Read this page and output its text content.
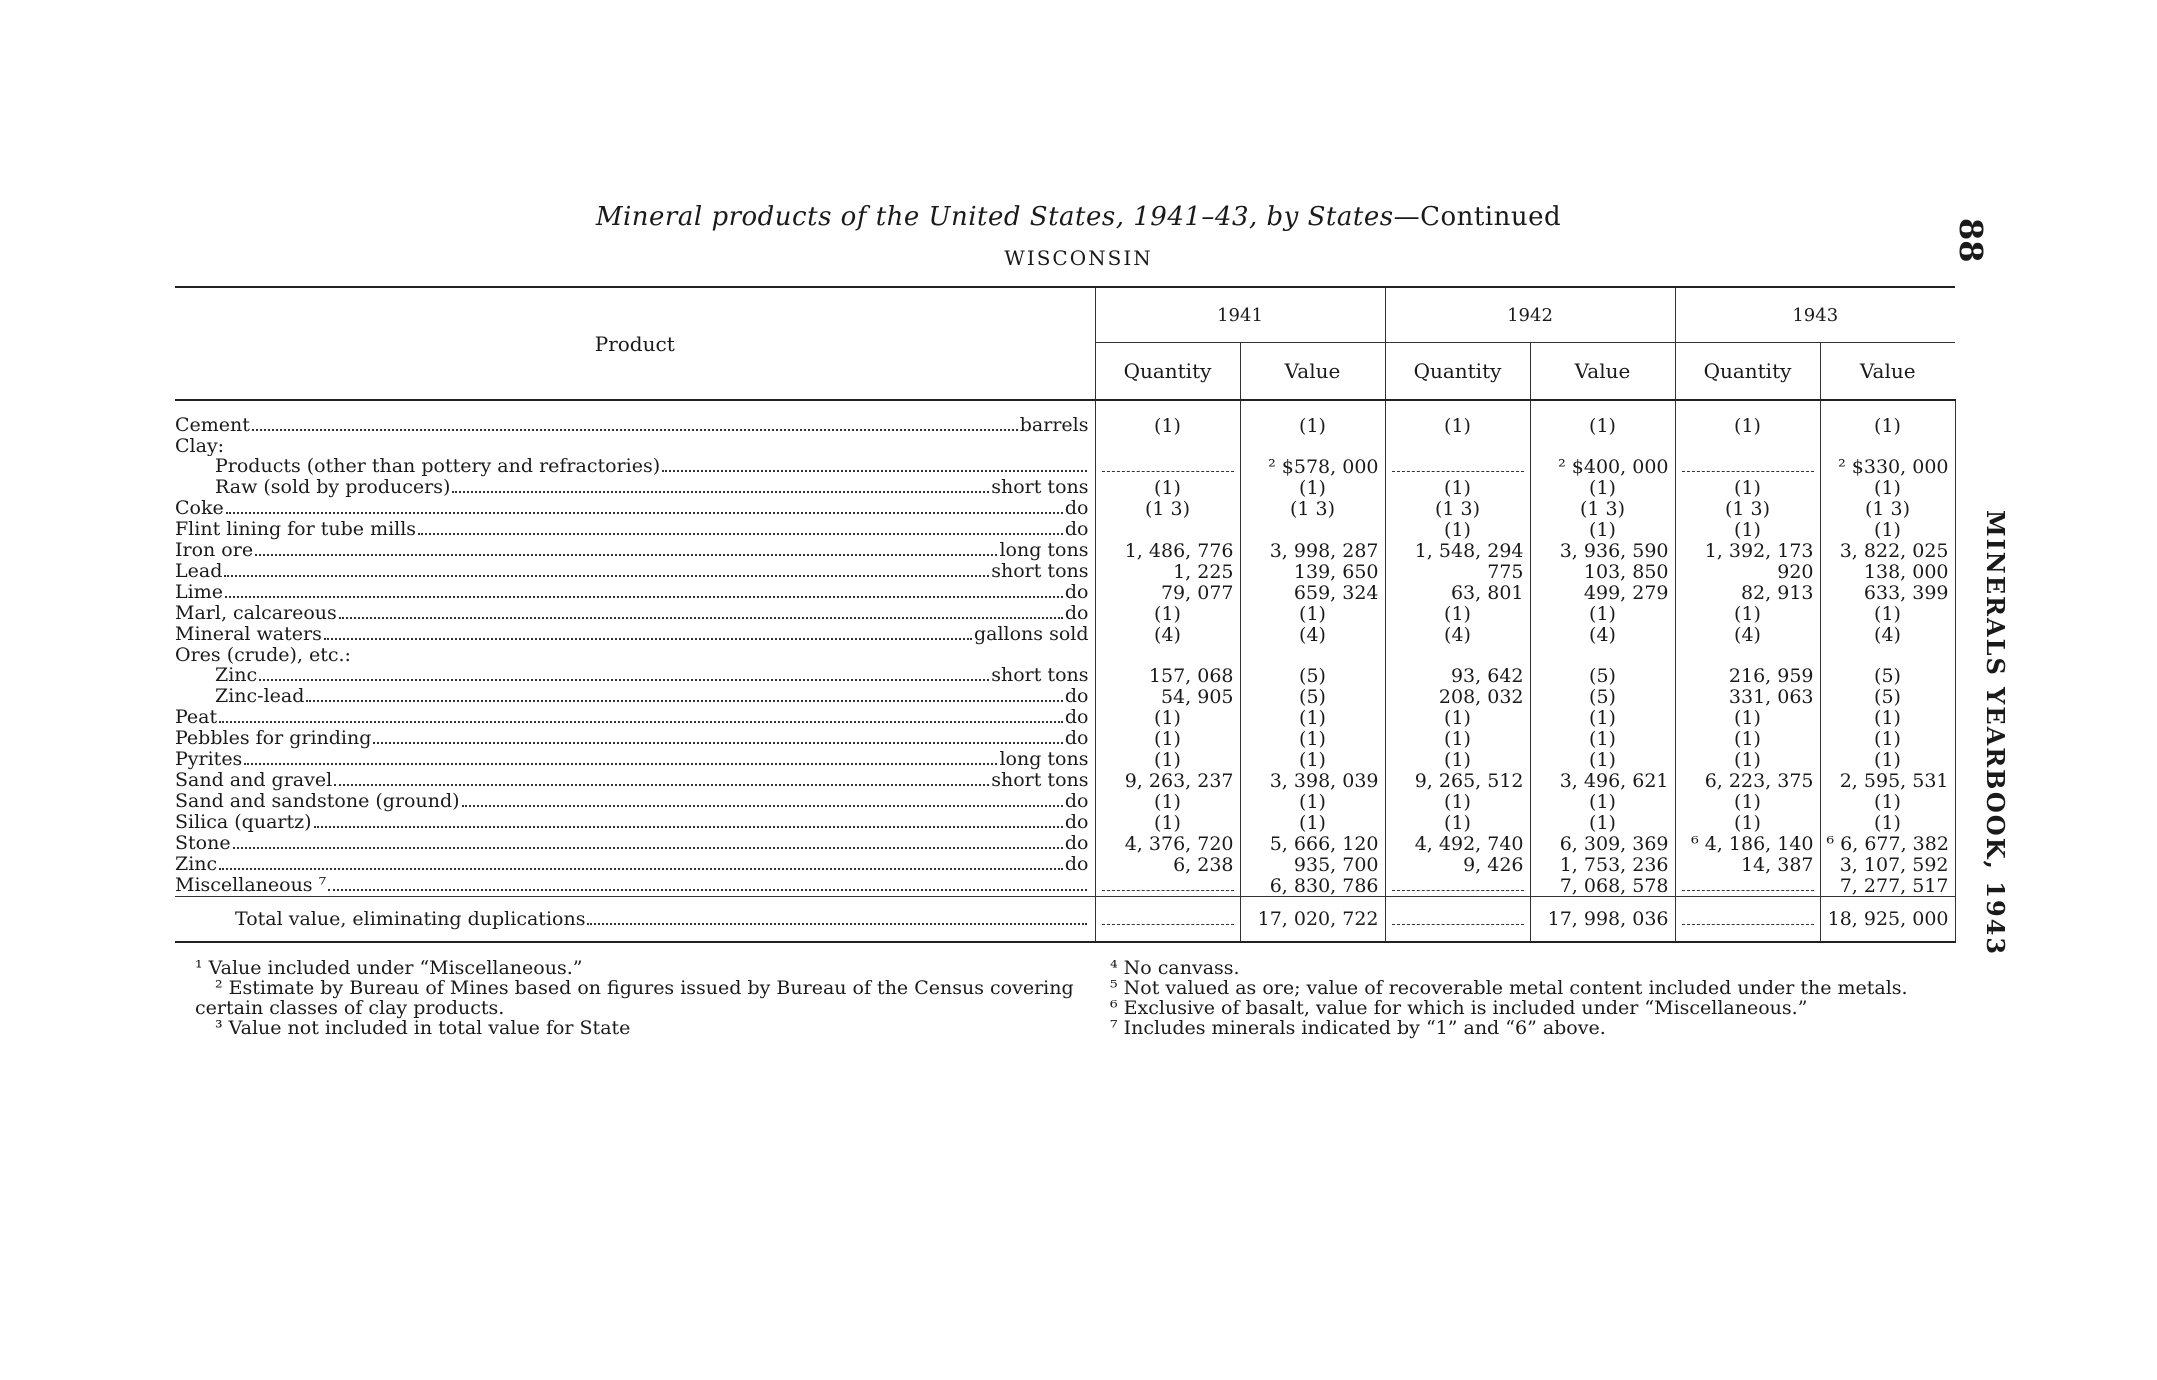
Mineral products of the United States, 1941–43, by States—Continued
WISCONSIN	88
MINERALS YEARBOOK, 1943
Product	1941		1942		1943	
	Quantity	Value	Quantity	Value	Quantity	Value

Cement barrels	(1)	(1)	(1)	(1)	(1)	(1)

Clay:						

Products (other than pottery and refractories)		² $578, 000		² $400, 000		² $330, 000

Raw (sold by producers) short tons	(1)	(1)	(1)	(1)	(1)	(1)

Coke do	(1 3)	(1 3)	(1 3)	(1 3)	(1 3)	(1 3)

Flint lining for tube mills do			(1)	(1)	(1)	(1)

Iron ore long tons	1, 486, 776	3, 998, 287	1, 548, 294	3, 936, 590	1, 392, 173	3, 822, 025

Lead short tons	1, 225	139, 650	775	103, 850	920	138, 000

Lime do	79, 077	659, 324	63, 801	499, 279	82, 913	633, 399

Marl, calcareous do	(1)	(1)	(1)	(1)	(1)	(1)

Mineral waters gallons sold	(4)	(4)	(4)	(4)	(4)	(4)

Ores (crude), etc.:						

Zinc short tons	157, 068	(5)	93, 642	(5)	216, 959	(5)

Zinc-lead do	54, 905	(5)	208, 032	(5)	331, 063	(5)

Peat do	(1)	(1)	(1)	(1)	(1)	(1)

Pebbles for grinding do	(1)	(1)	(1)	(1)	(1)	(1)

Pyrites long tons	(1)	(1)	(1)	(1)	(1)	(1)

Sand and gravel short tons	9, 263, 237	3, 398, 039	9, 265, 512	3, 496, 621	6, 223, 375	2, 595, 531

Sand and sandstone (ground) do	(1)	(1)	(1)	(1)	(1)	(1)

Silica (quartz) do	(1)	(1)	(1)	(1)	(1)	(1)

Stone do	4, 376, 720	5, 666, 120	4, 492, 740	6, 309, 369	⁶ 4, 186, 140	⁶ 6, 677, 382

Zinc do	6, 238	935, 700	9, 426	1, 753, 236	14, 387	3, 107, 592

Miscellaneous ⁷		6, 830, 786		7, 068, 578		7, 277, 517

Total value, eliminating duplications		17, 020, 722		17, 998, 036		18, 925, 000
¹ Value included under “Miscellaneous.”
² Estimate by Bureau of Mines based on figures issued by Bureau of the Census covering
certain classes of clay products.
³ Value not included in total value for State
⁴ No canvass.
⁵ Not valued as ore; value of recoverable metal content included under the metals.
⁶ Exclusive of basalt, value for which is included under “Miscellaneous.”
⁷ Includes minerals indicated by “1” and “6” above.
